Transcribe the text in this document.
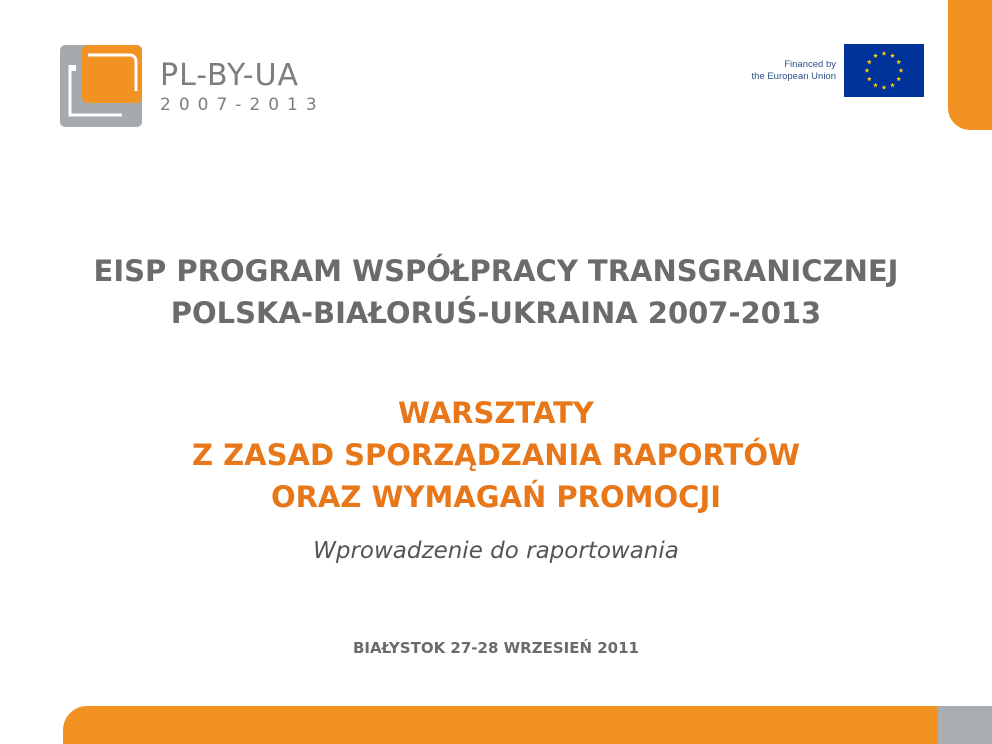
PL-BY-UA
2007-2013
Financed by
the European Union
EISP PROGRAM WSPÓŁPRACY TRANSGRANICZNEJ
POLSKA-BIAŁORUŚ-UKRAINA 2007-2013
WARSZTATY
Z ZASAD SPORZĄDZANIA RAPORTÓW
ORAZ WYMAGAŃ PROMOCJI
Wprowadzenie do raportowania
BIAŁYSTOK 27-28 WRZESIEŃ 2011
